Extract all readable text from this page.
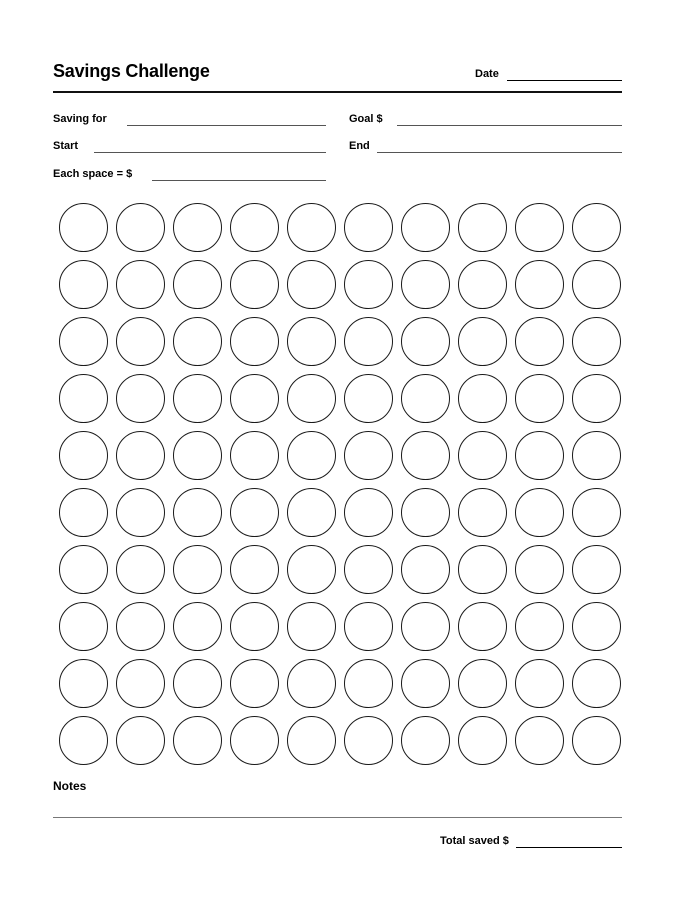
Savings Challenge	Date
Saving for	Goal $
Start	End
Each space = $
Notes
Total saved $
